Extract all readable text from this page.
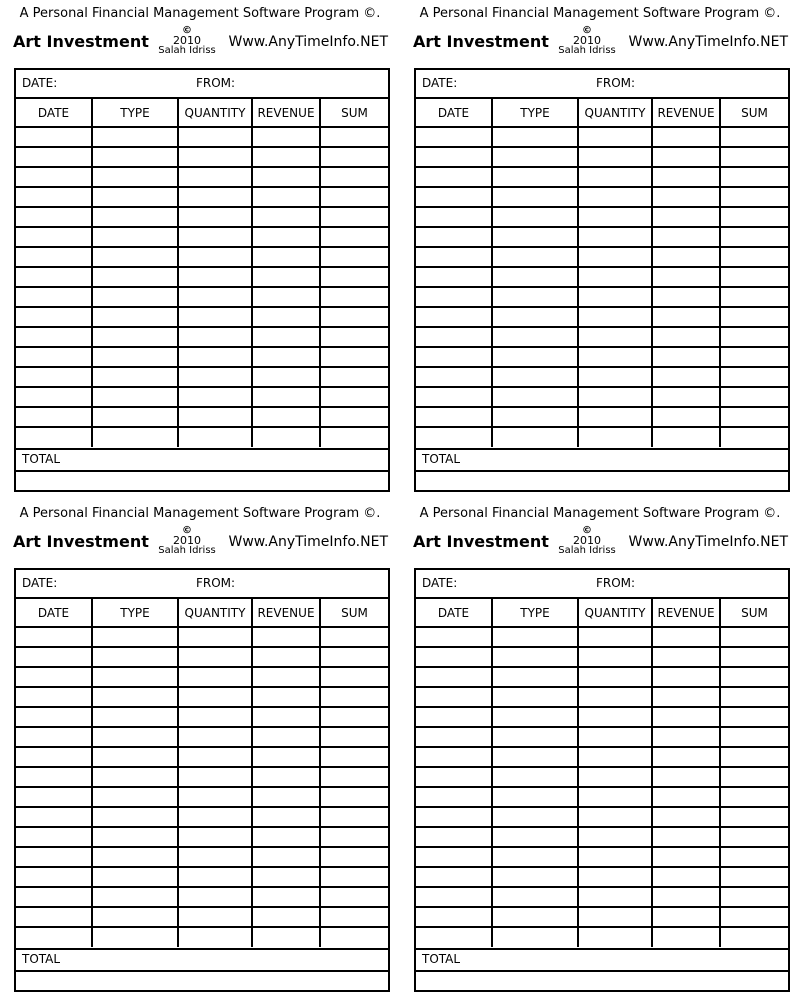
A Personal Financial Management Software Program ©.
Art Investment
©
2010
Salah Idriss
Www.AnyTimeInfo.NET
DATE:	FROM:
DATE	TYPE	QUANTITY	REVENUE	SUM

TOTAL
A Personal Financial Management Software Program ©.
Art Investment
©
2010
Salah Idriss
Www.AnyTimeInfo.NET
DATE:	FROM:
DATE	TYPE	QUANTITY	REVENUE	SUM

TOTAL
A Personal Financial Management Software Program ©.
Art Investment
©
2010
Salah Idriss
Www.AnyTimeInfo.NET
DATE:	FROM:
DATE	TYPE	QUANTITY	REVENUE	SUM

TOTAL
A Personal Financial Management Software Program ©.
Art Investment
©
2010
Salah Idriss
Www.AnyTimeInfo.NET
DATE:	FROM:
DATE	TYPE	QUANTITY	REVENUE	SUM

TOTAL
